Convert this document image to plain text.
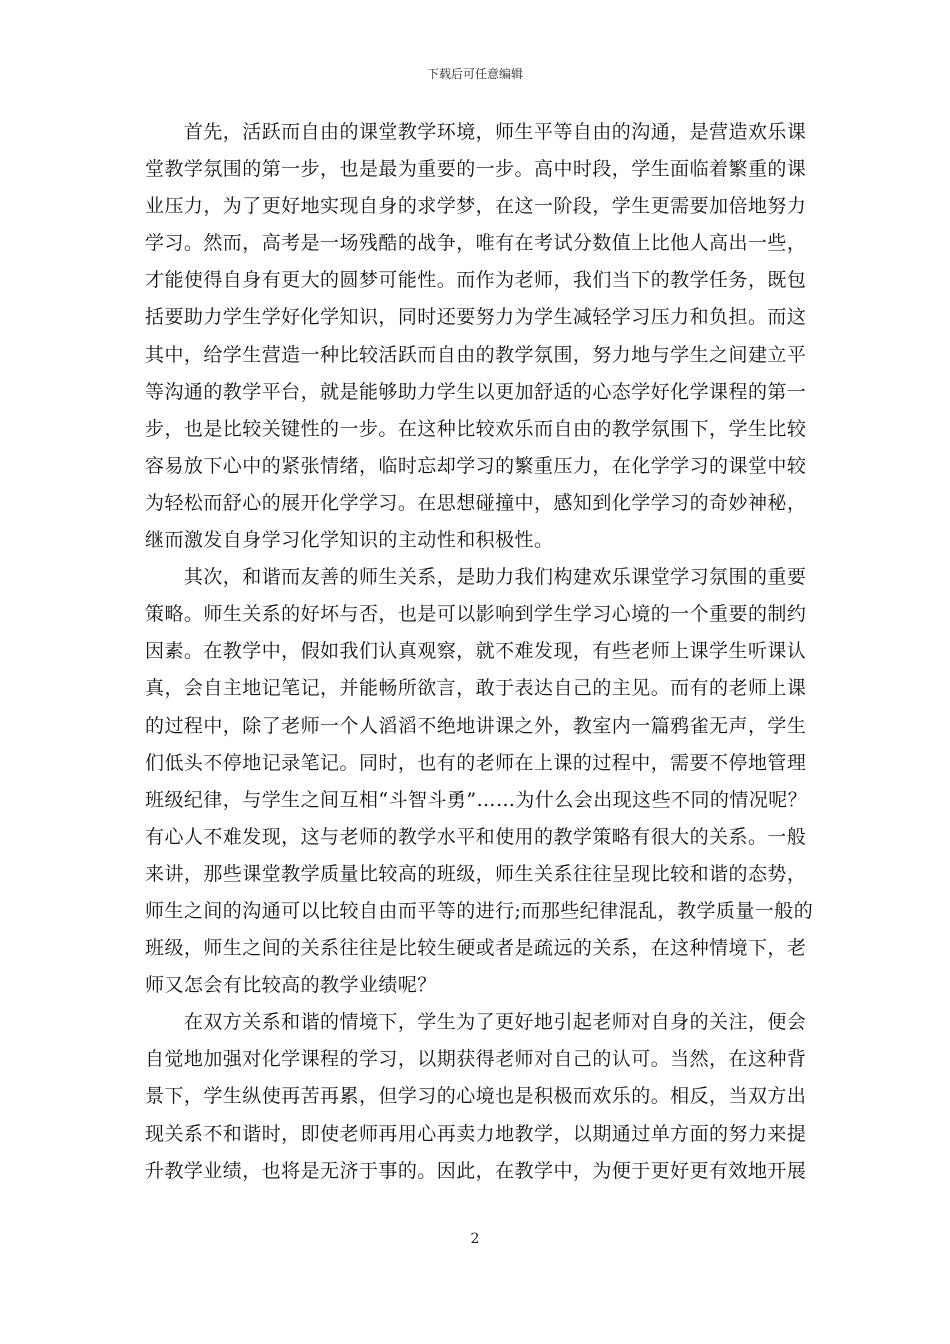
下载后可任意编辑
　　首先，活跃而自由的课堂教学环境，师生平等自由的沟通，是营造欢乐课
堂教学氛围的第一步，也是最为重要的一步。高中时段，学生面临着繁重的课
业压力，为了更好地实现自身的求学梦，在这一阶段，学生更需要加倍地努力
学习。然而，高考是一场残酷的战争，唯有在考试分数值上比他人高出一些，
才能使得自身有更大的圆梦可能性。而作为老师，我们当下的教学任务，既包
括要助力学生学好化学知识，同时还要努力为学生减轻学习压力和负担。而这
其中，给学生营造一种比较活跃而自由的教学氛围，努力地与学生之间建立平
等沟通的教学平台，就是能够助力学生以更加舒适的心态学好化学课程的第一
步，也是比较关键性的一步。在这种比较欢乐而自由的教学氛围下，学生比较
容易放下心中的紧张情绪，临时忘却学习的繁重压力，在化学学习的课堂中较
为轻松而舒心的展开化学学习。在思想碰撞中，感知到化学学习的奇妙神秘，
继而激发自身学习化学知识的主动性和积极性。
　　其次，和谐而友善的师生关系，是助力我们构建欢乐课堂学习氛围的重要
策略。师生关系的好坏与否，也是可以影响到学生学习心境的一个重要的制约
因素。在教学中，假如我们认真观察，就不难发现，有些老师上课学生听课认
真，会自主地记笔记，并能畅所欲言，敢于表达自己的主见。而有的老师上课
的过程中，除了老师一个人滔滔不绝地讲课之外，教室内一篇鸦雀无声，学生
们低头不停地记录笔记。同时，也有的老师在上课的过程中，需要不停地管理
班级纪律，与学生之间互相“斗智斗勇”……为什么会出现这些不同的情况呢？
有心人不难发现，这与老师的教学水平和使用的教学策略有很大的关系。一般
来讲，那些课堂教学质量比较高的班级，师生关系往往呈现比较和谐的态势，
师生之间的沟通可以比较自由而平等的进行;而那些纪律混乱，教学质量一般的
班级，师生之间的关系往往是比较生硬或者是疏远的关系，在这种情境下，老
师又怎会有比较高的教学业绩呢？
　　在双方关系和谐的情境下，学生为了更好地引起老师对自身的关注，便会
自觉地加强对化学课程的学习，以期获得老师对自己的认可。当然，在这种背
景下，学生纵使再苦再累，但学习的心境也是积极而欢乐的。相反，当双方出
现关系不和谐时，即使老师再用心再卖力地教学，以期通过单方面的努力来提
升教学业绩，也将是无济于事的。因此，在教学中，为便于更好更有效地开展
2
